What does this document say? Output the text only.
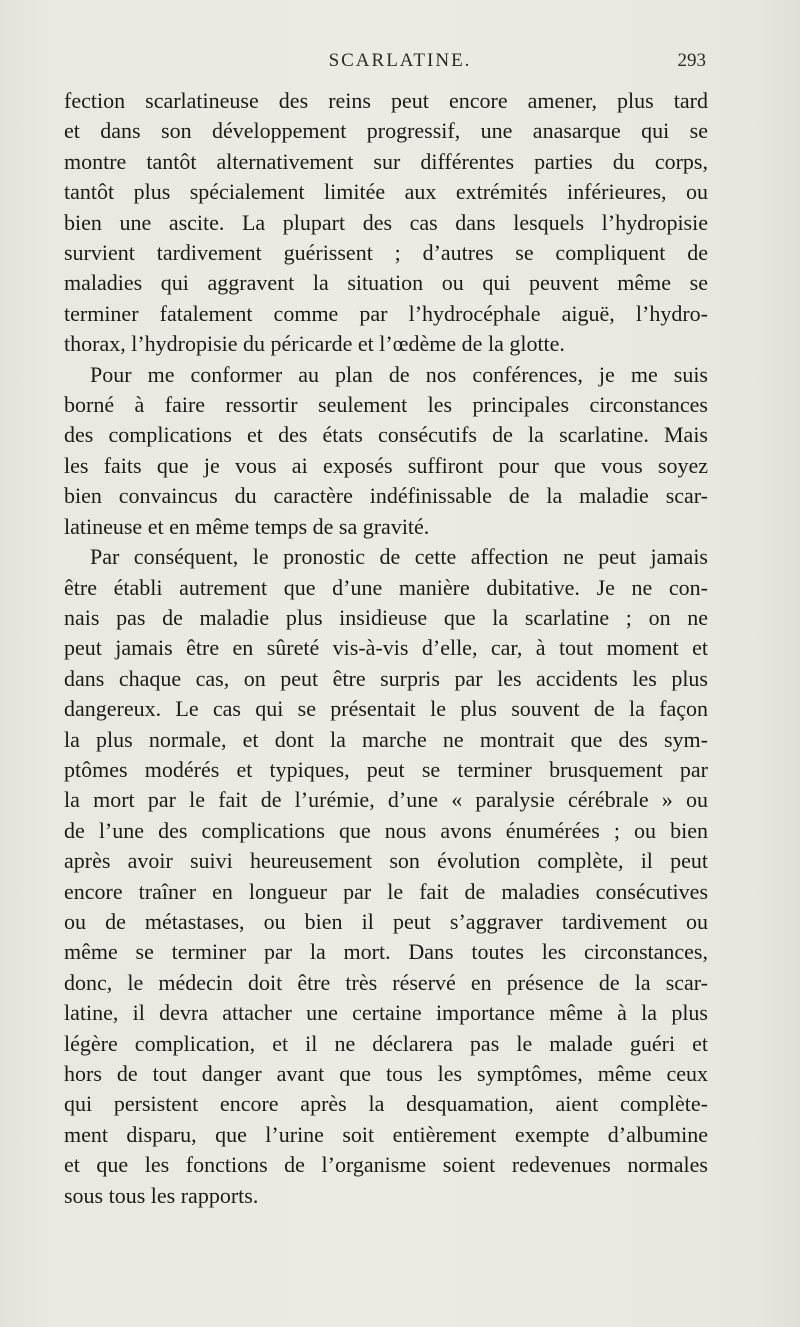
SCARLATINE.	293

fection scarlatineuse des reins peut encore amener, plus tard
et dans son développement progressif, une anasarque qui se
montre tantôt alternativement sur différentes parties du corps,
tantôt plus spécialement limitée aux extrémités inférieures, ou
bien une ascite. La plupart des cas dans lesquels l’hydropisie
survient tardivement guérissent ; d’autres se compliquent de
maladies qui aggravent la situation ou qui peuvent même se
terminer fatalement comme par l’hydrocéphale aiguë, l’hydro-
thorax, l’hydropisie du péricarde et l’œdème de la glotte.

Pour me conformer au plan de nos conférences, je me suis
borné à faire ressortir seulement les principales circonstances
des complications et des états consécutifs de la scarlatine. Mais
les faits que je vous ai exposés suffiront pour que vous soyez
bien convaincus du caractère indéfinissable de la maladie scar-
latineuse et en même temps de sa gravité.

Par conséquent, le pronostic de cette affection ne peut jamais
être établi autrement que d’une manière dubitative. Je ne con-
nais pas de maladie plus insidieuse que la scarlatine ; on ne
peut jamais être en sûreté vis-à-vis d’elle, car, à tout moment et
dans chaque cas, on peut être surpris par les accidents les plus
dangereux. Le cas qui se présentait le plus souvent de la façon
la plus normale, et dont la marche ne montrait que des sym-
ptômes modérés et typiques, peut se terminer brusquement par
la mort par le fait de l’urémie, d’une « paralysie cérébrale » ou
de l’une des complications que nous avons énumérées ; ou bien
après avoir suivi heureusement son évolution complète, il peut
encore traîner en longueur par le fait de maladies consécutives
ou de métastases, ou bien il peut s’aggraver tardivement ou
même se terminer par la mort. Dans toutes les circonstances,
donc, le médecin doit être très réservé en présence de la scar-
latine, il devra attacher une certaine importance même à la plus
légère complication, et il ne déclarera pas le malade guéri et
hors de tout danger avant que tous les symptômes, même ceux
qui persistent encore après la desquamation, aient complète-
ment disparu, que l’urine soit entièrement exempte d’albumine
et que les fonctions de l’organisme soient redevenues normales
sous tous les rapports.
